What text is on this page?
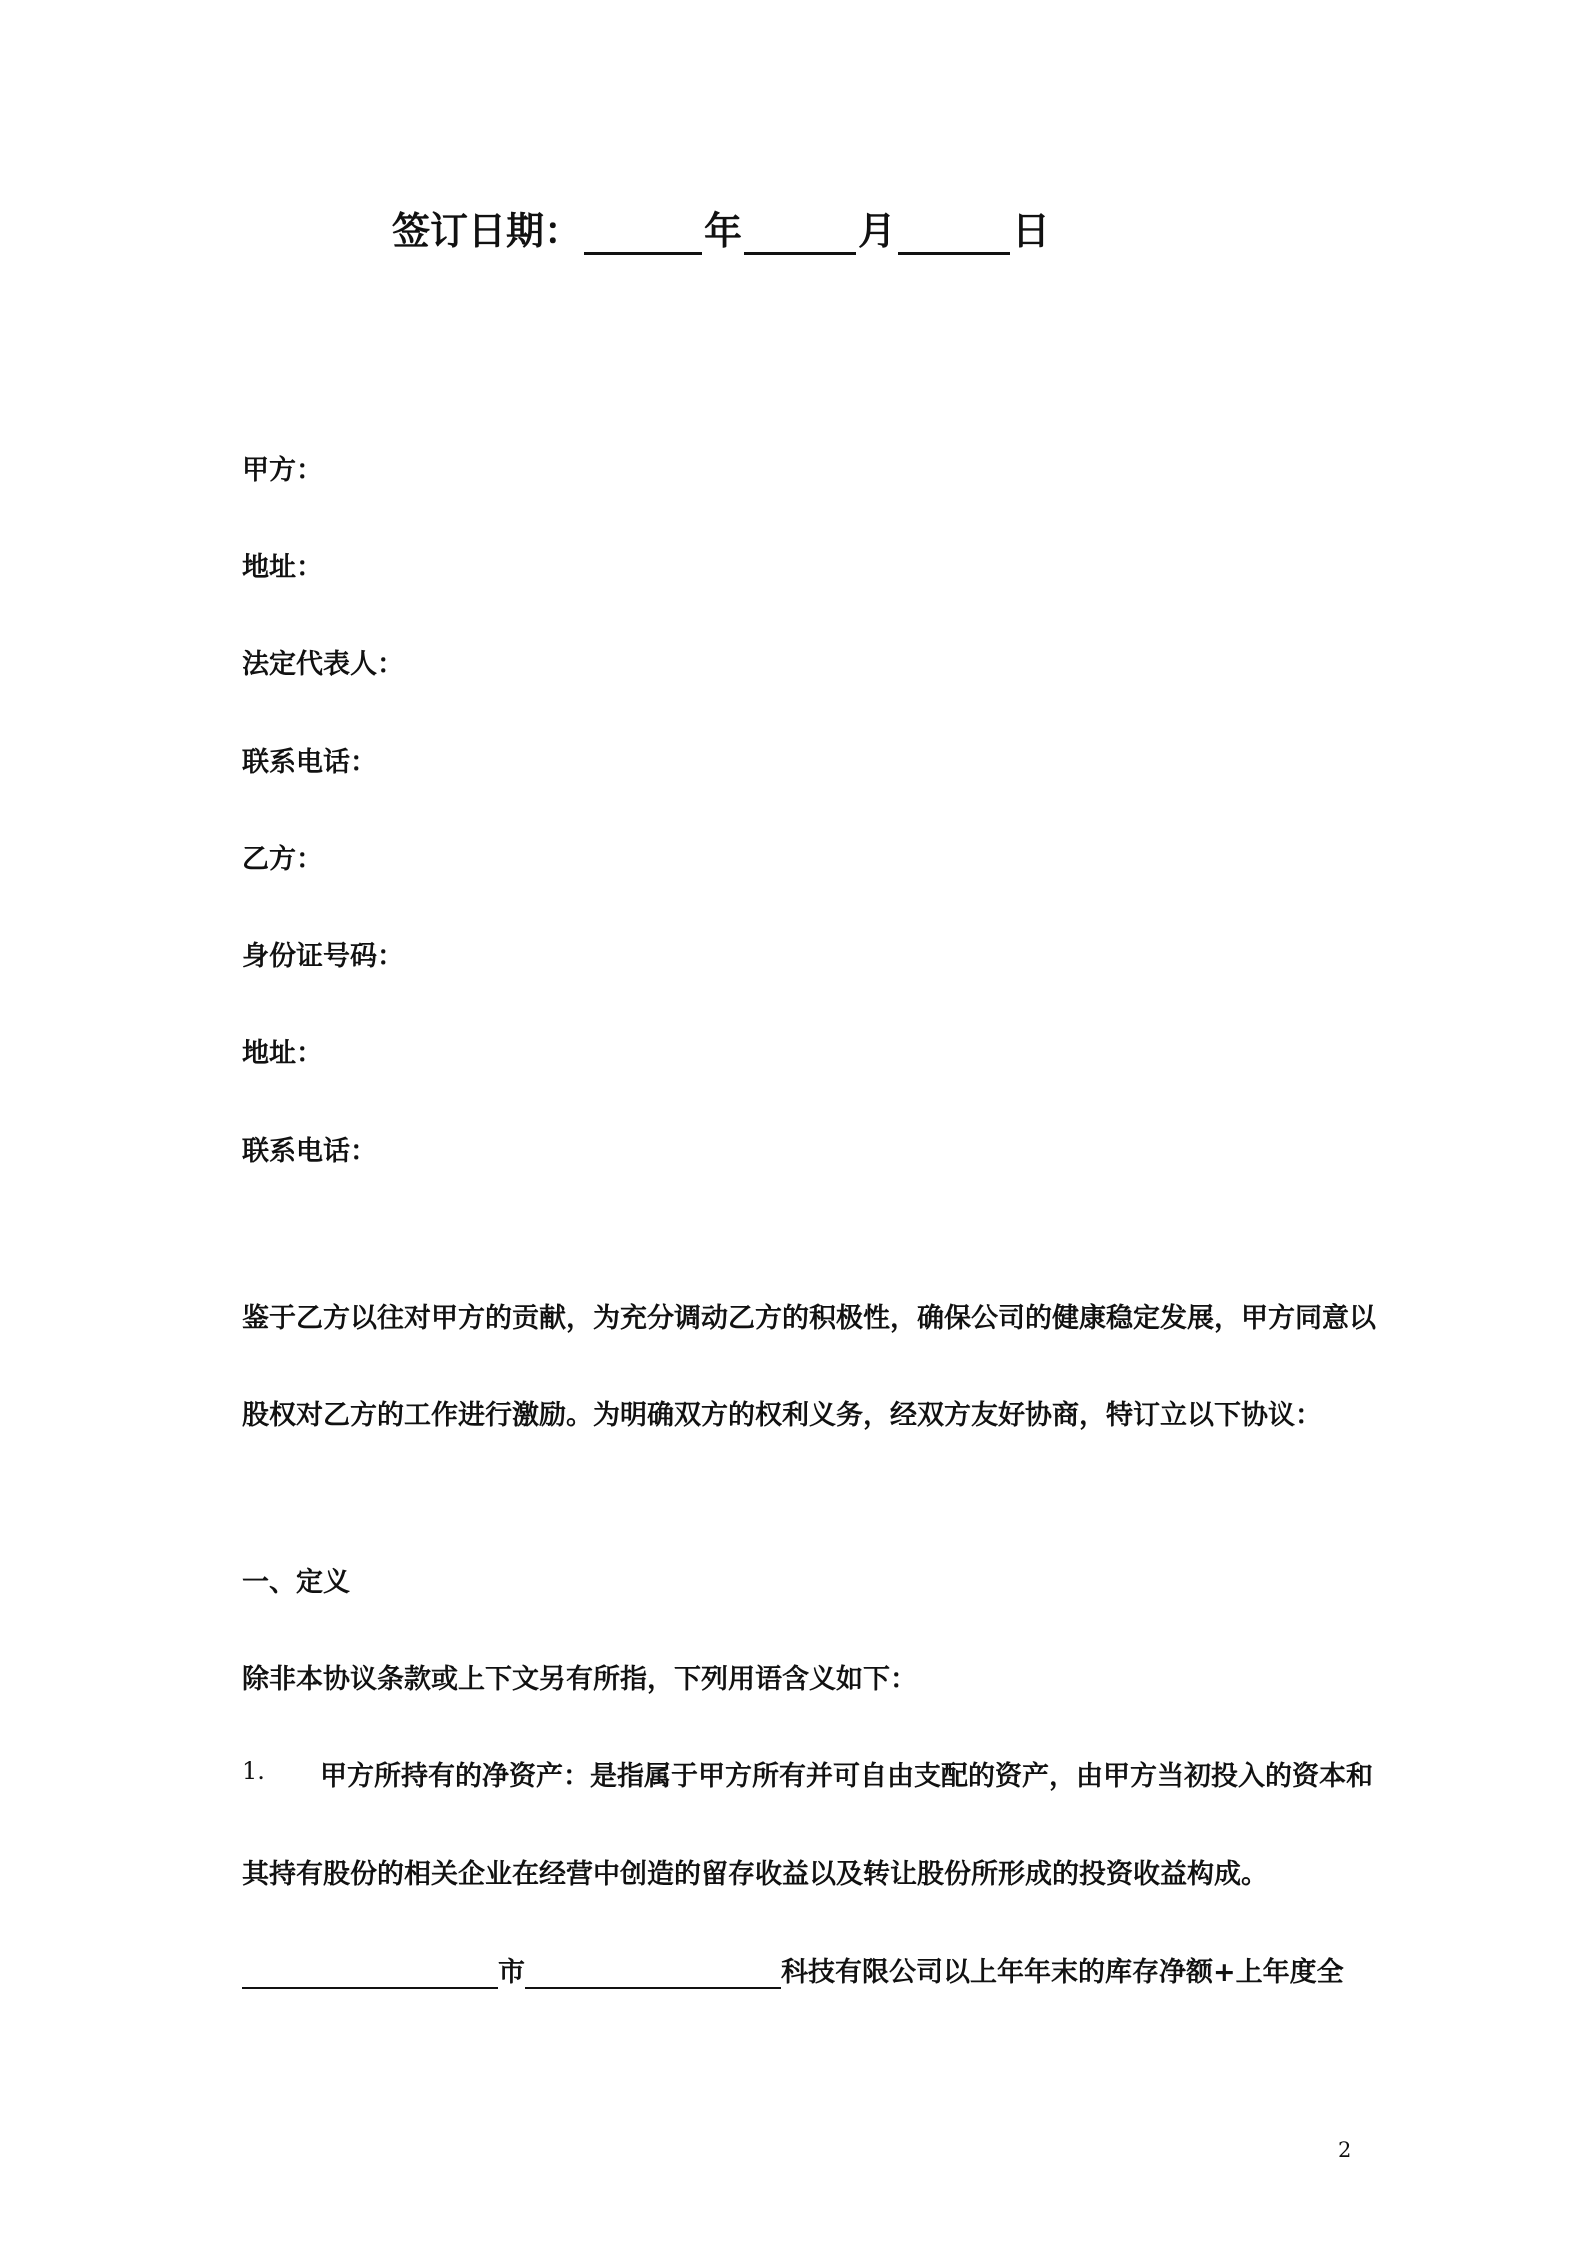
签订日期：	年	月	日
甲方：
地址：
法定代表人：
联系电话：
乙方：
身份证号码：
地址：
联系电话：
鉴于乙方以往对甲方的贡献，为充分调动乙方的积极性，确保公司的健康稳定发展，甲方同意以
股权对乙方的工作进行激励。为明确双方的权利义务，经双方友好协商，特订立以下协议：
一、定义
除非本协议条款或上下文另有所指，下列用语含义如下：
1. 甲方所持有的净资产：是指属于甲方所有并可自由支配的资产，由甲方当初投入的资本和
其持有股份的相关企业在经营中创造的留存收益以及转让股份所形成的投资收益构成。
市	科技有限公司以上年年末的库存净额+上年度全
2
